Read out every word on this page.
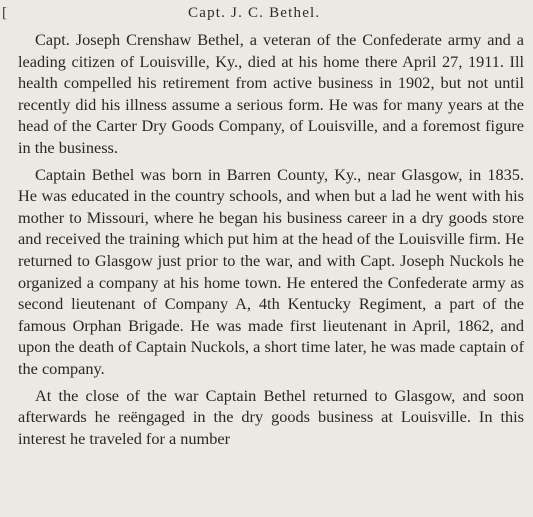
[        	Capt. J. C. Bethel.

Capt. Joseph Crenshaw Bethel, a veteran of the Confederate army and a leading citizen of Louisville, Ky., died at his home there April 27, 1911. Ill health compelled his retirement from active business in 1902, but not until recently did his illness assume a serious form. He was for many years at the head of the Carter Dry Goods Company, of Louisville, and a foremost figure in the business.

Captain Bethel was born in Barren County, Ky., near Glasgow, in 1835. He was educated in the country schools, and when but a lad he went with his mother to Missouri, where he began his business career in a dry goods store and received the training which put him at the head of the Louisville firm. He returned to Glasgow just prior to the war, and with Capt. Joseph Nuckols he organized a company at his home town. He entered the Confederate army as second lieutenant of Company A, 4th Kentucky Regiment, a part of the famous Orphan Brigade. He was made first lieutenant in April, 1862, and upon the death of Captain Nuckols, a short time later, he was made captain of the company.

At the close of the war Captain Bethel returned to Glasgow, and soon afterwards he reëngaged in the dry goods business at Louisville. In this interest he traveled for a number
